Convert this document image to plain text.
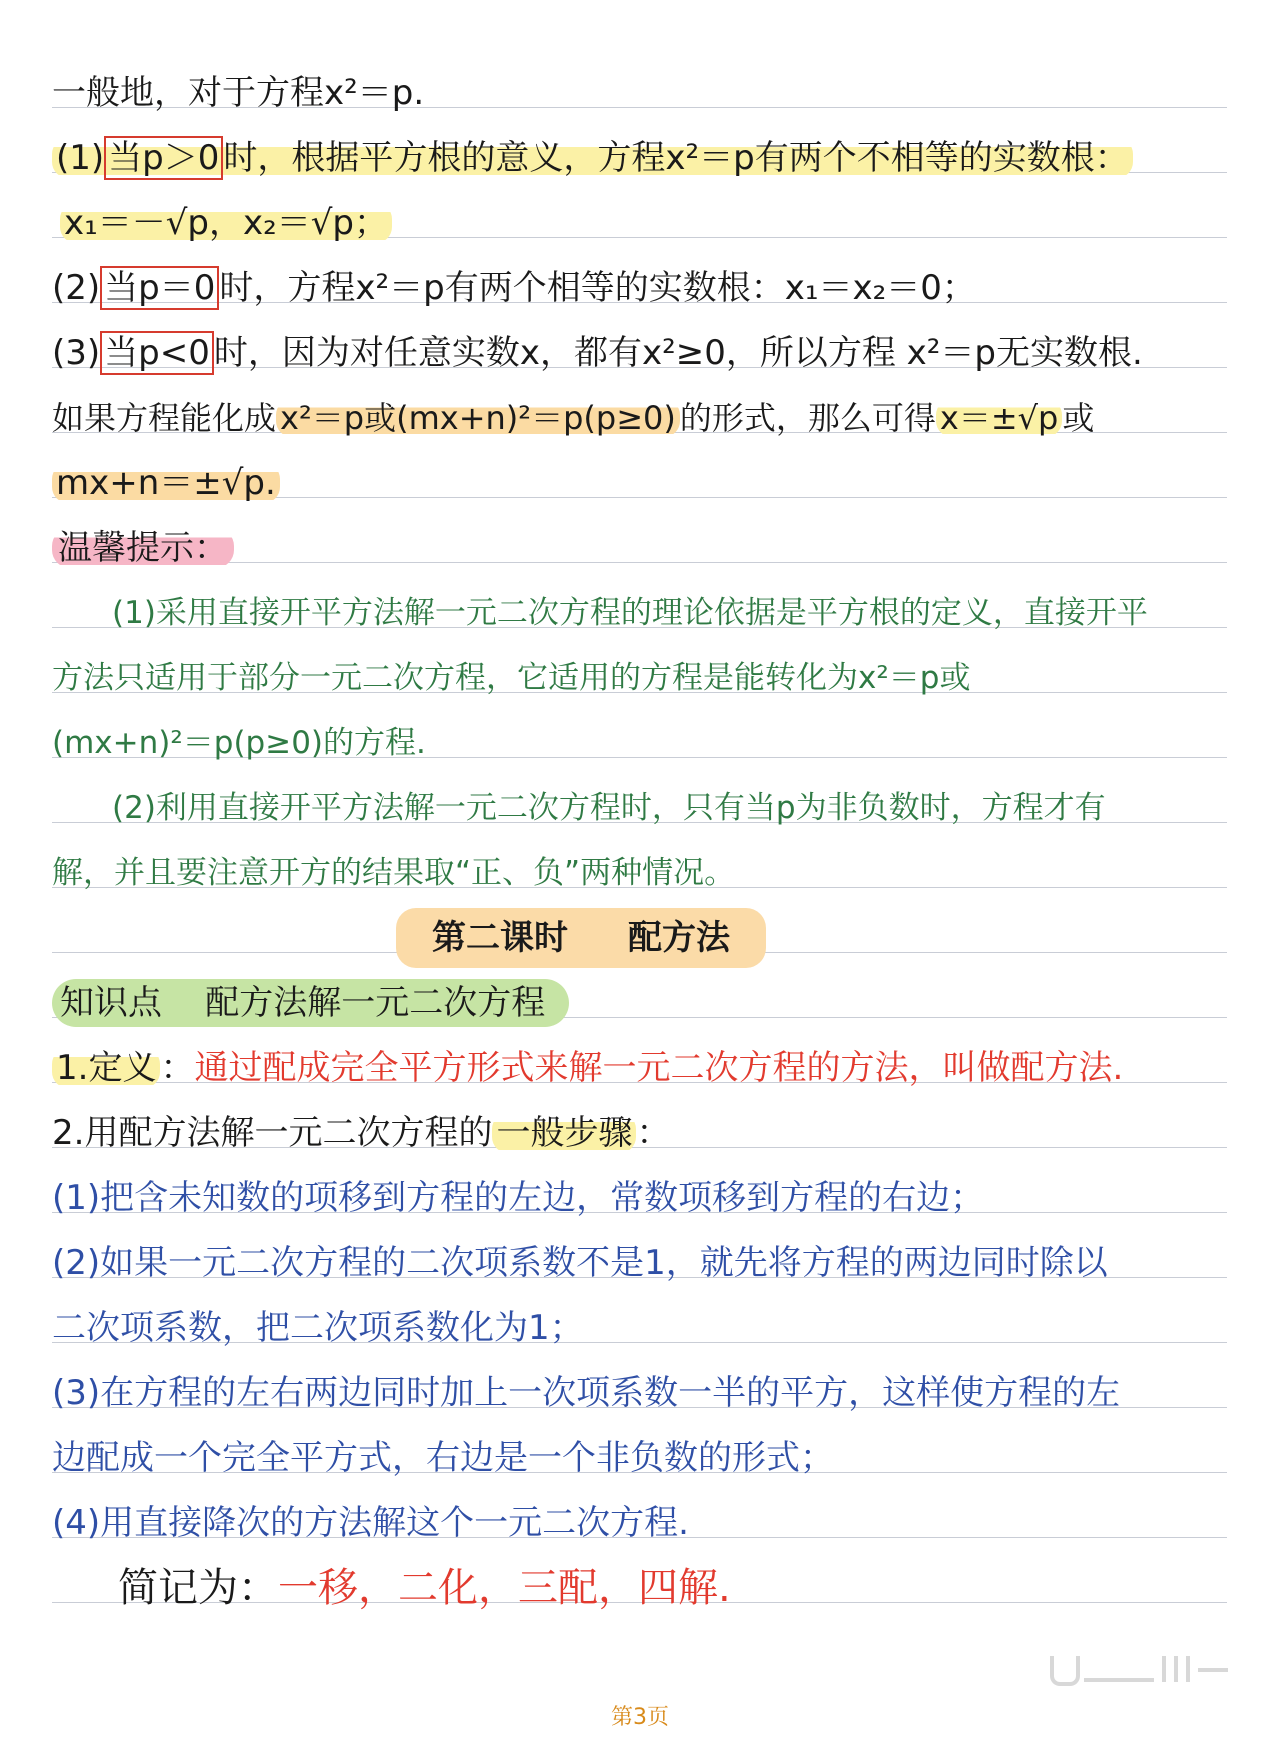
一般地，对于方程x²＝p.
(1) 当p＞0 时，根据平方根的意义，方程x²＝p有两个不相等的实数根：
x₁＝－√p，x₂＝√p；
(2) 当p＝0 时，方程x²＝p有两个相等的实数根：x₁＝x₂＝0；
(3) 当p<0 时，因为对任意实数x，都有x²≥0，所以方程 x²＝p无实数根.
如果方程能化成 x²＝p或(mx+n)²＝p(p≥0) 的形式，那么可得 x＝±√p 或
mx+n＝±√p.
温馨提示：
(1)采用直接开平方法解一元二次方程的理论依据是平方根的定义，直接开平
方法只适用于部分一元二次方程，它适用的方程是能转化为x²＝p或
(mx+n)²＝p(p≥0)的方程.
(2)利用直接开平方法解一元二次方程时，只有当p为非负数时，方程才有
解，并且要注意开方的结果取“正、负”两种情况。
第二课时 配方法
知识点 配方法解一元二次方程
1.定义 ：通过配成完全平方形式来解一元二次方程的方法，叫做配方法.
2.用配方法解一元二次方程的 一般步骤 ：
(1)把含未知数的项移到方程的左边，常数项移到方程的右边；
(2)如果一元二次方程的二次项系数不是1，就先将方程的两边同时除以
二次项系数，把二次项系数化为1；
(3)在方程的左右两边同时加上一次项系数一半的平方，这样使方程的左
边配成一个完全平方式，右边是一个非负数的形式；
(4)用直接降次的方法解这个一元二次方程.
简记为：一移，二化，三配，四解.
第3页
